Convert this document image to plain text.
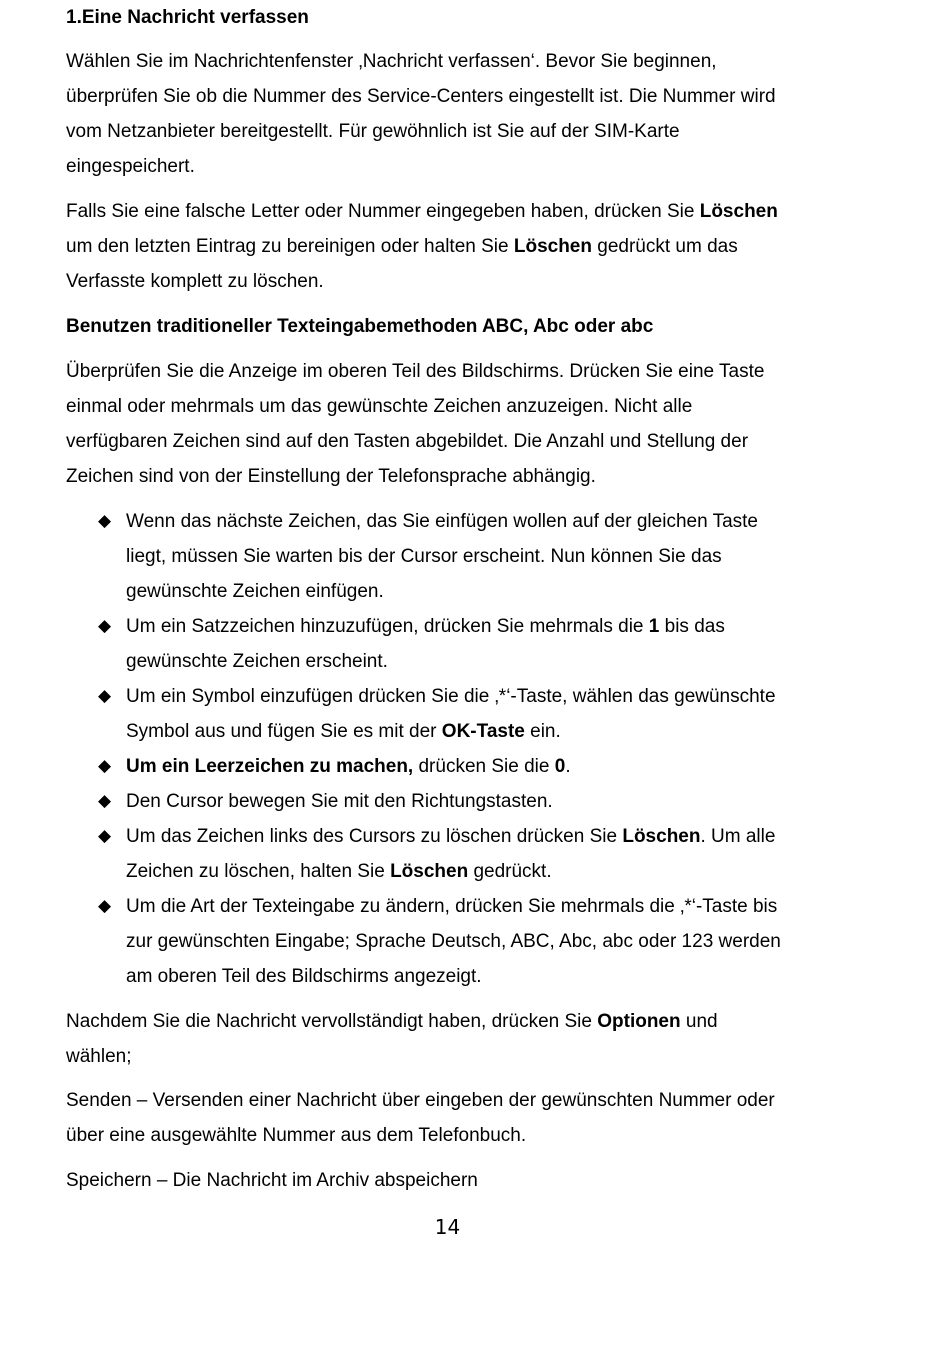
1.Eine Nachricht verfassen
Wählen Sie im Nachrichtenfenster ‚Nachricht verfassen‘. Bevor Sie beginnen,
überprüfen Sie ob die Nummer des Service-Centers eingestellt ist. Die Nummer wird
vom Netzanbieter bereitgestellt. Für gewöhnlich ist Sie auf der SIM-Karte
eingespeichert.
Falls Sie eine falsche Letter oder Nummer eingegeben haben, drücken Sie Löschen
um den letzten Eintrag zu bereinigen oder halten Sie Löschen gedrückt um das
Verfasste komplett zu löschen.
Benutzen traditioneller Texteingabemethoden ABC, Abc oder abc
Überprüfen Sie die Anzeige im oberen Teil des Bildschirms. Drücken Sie eine Taste
einmal oder mehrmals um das gewünschte Zeichen anzuzeigen. Nicht alle
verfügbaren Zeichen sind auf den Tasten abgebildet. Die Anzahl und Stellung der
Zeichen sind von der Einstellung der Telefonsprache abhängig.
◆ Wenn das nächste Zeichen, das Sie einfügen wollen auf der gleichen Taste
liegt, müssen Sie warten bis der Cursor erscheint. Nun können Sie das
gewünschte Zeichen einfügen.
◆ Um ein Satzzeichen hinzuzufügen, drücken Sie mehrmals die 1 bis das
gewünschte Zeichen erscheint.
◆ Um ein Symbol einzufügen drücken Sie die ‚*‘-Taste, wählen das gewünschte
Symbol aus und fügen Sie es mit der OK-Taste ein.
◆ Um ein Leerzeichen zu machen, drücken Sie die 0.
◆ Den Cursor bewegen Sie mit den Richtungstasten.
◆ Um das Zeichen links des Cursors zu löschen drücken Sie Löschen. Um alle
Zeichen zu löschen, halten Sie Löschen gedrückt.
◆ Um die Art der Texteingabe zu ändern, drücken Sie mehrmals die ‚*‘-Taste bis
zur gewünschten Eingabe; Sprache Deutsch, ABC, Abc, abc oder 123 werden
am oberen Teil des Bildschirms angezeigt.
Nachdem Sie die Nachricht vervollständigt haben, drücken Sie Optionen und
wählen;
Senden – Versenden einer Nachricht über eingeben der gewünschten Nummer oder
über eine ausgewählte Nummer aus dem Telefonbuch.
Speichern – Die Nachricht im Archiv abspeichern
14
